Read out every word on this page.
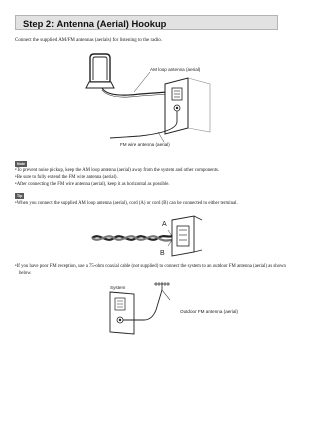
Step 2: Antenna (Aerial) Hookup
Connect the supplied AM/FM antennas (aerials) for listening to the radio.
AM loop antenna (aerial)
FM wire antenna (aerial)
Note
• To prevent noise pickup, keep the AM loop antenna (aerial) away from the system and other components.
• Be sure to fully extend the FM wire antenna (aerial).
• After connecting the FM wire antenna (aerial), keep it as horizontal as possible.
Tip
• When you connect the supplied AM loop antenna (aerial), cord (A) or cord (B) can be connected to either terminal.
A
B
• If you have poor FM reception, use a 75-ohm coaxial cable (not supplied) to connect the system to an outdoor FM antenna (aerial) as shown below.
System
Outdoor FM antenna (aerial)
